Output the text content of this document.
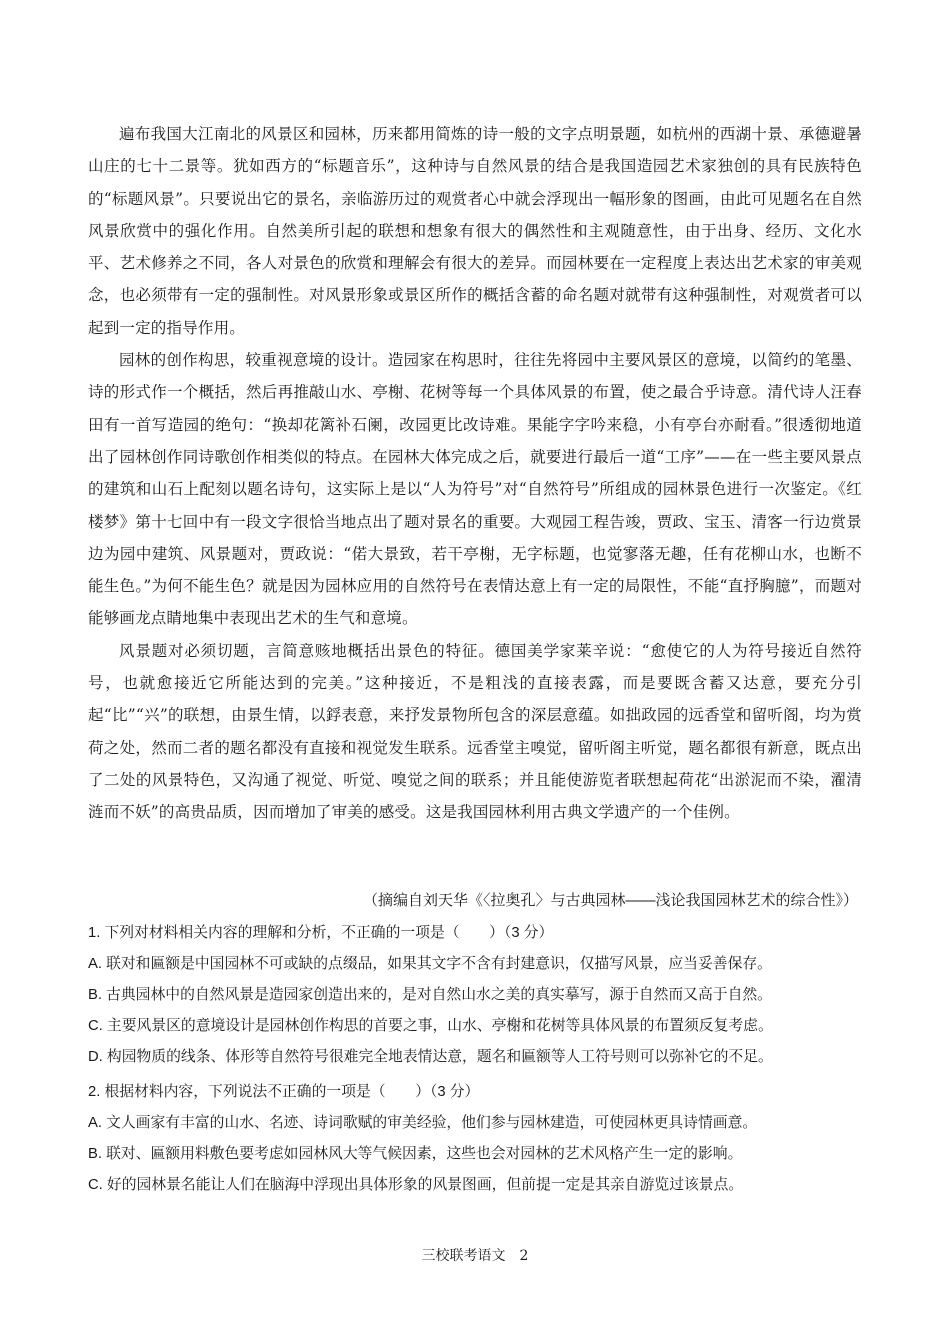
遍布我国大江南北的风景区和园林，历来都用简炼的诗一般的文字点明景题，如杭州的西湖十景、承德避暑山庄的七十二景等。犹如西方的“标题音乐”，这种诗与自然风景的结合是我国造园艺术家独创的具有民族特色的“标题风景”。只要说出它的景名，亲临游历过的观赏者心中就会浮现出一幅形象的图画，由此可见题名在自然风景欣赏中的强化作用。自然美所引起的联想和想象有很大的偶然性和主观随意性，由于出身、经历、文化水平、艺术修养之不同，各人对景色的欣赏和理解会有很大的差异。而园林要在一定程度上表达出艺术家的审美观念，也必须带有一定的强制性。对风景形象或景区所作的概括含蓄的命名题对就带有这种强制性，对观赏者可以起到一定的指导作用。

园林的创作构思，较重视意境的设计。造园家在构思时，往往先将园中主要风景区的意境，以简约的笔墨、诗的形式作一个概括，然后再推敲山水、亭榭、花树等每一个具体风景的布置，使之最合乎诗意。清代诗人汪春田有一首写造园的绝句：“换却花篱补石阑，改园更比改诗难。果能字字吟来稳，小有亭台亦耐看。”很透彻地道出了园林创作同诗歌创作相类似的特点。在园林大体完成之后，就要进行最后一道“工序”——在一些主要风景点的建筑和山石上配刻以题名诗句，这实际上是以“人为符号”对“自然符号”所组成的园林景色进行一次鉴定。《红楼梦》第十七回中有一段文字很恰当地点出了题对景名的重要。大观园工程告竣，贾政、宝玉、清客一行边赏景边为园中建筑、风景题对，贾政说：“偌大景致，若干亭榭，无字标题，也觉寥落无趣，任有花柳山水，也断不能生色。”为何不能生色？就是因为园林应用的自然符号在表情达意上有一定的局限性，不能“直抒胸臆”，而题对能够画龙点睛地集中表现出艺术的生气和意境。

风景题对必须切题，言简意赅地概括出景色的特征。德国美学家莱辛说：“愈使它的人为符号接近自然符号，也就愈接近它所能达到的完美。”这种接近，不是粗浅的直接表露，而是要既含蓄又达意，要充分引起“比”“兴”的联想，由景生情，以鋢表意，来抒发景物所包含的深层意蕴。如拙政园的远香堂和留听阁，均为赏荷之处，然而二者的题名都没有直接和视觉发生联系。远香堂主嗅觉，留听阁主听觉，题名都很有新意，既点出了二处的风景特色，又沟通了视觉、听觉、嗅觉之间的联系；并且能使游览者联想起荷花“出淤泥而不染，濯清涟而不妖”的高贵品质，因而增加了审美的感受。这是我国园林利用古典文学遗产的一个佳例。

（摘编自刘天华《〈拉奥孔〉与古典园林——浅论我国园林艺术的综合性》）
1. 下列对材料相关内容的理解和分析，不正确的一项是（　　）（3 分）
A. 联对和匾额是中国园林不可或缺的点缀品，如果其文字不含有封建意识，仅描写风景，应当妥善保存。
B. 古典园林中的自然风景是造园家创造出来的，是对自然山水之美的真实摹写，源于自然而又高于自然。
C. 主要风景区的意境设计是园林创作构思的首要之事，山水、亭榭和花树等具体风景的布置须反复考虑。
D. 构园物质的线条、体形等自然符号很难完全地表情达意，题名和匾额等人工符号则可以弥补它的不足。
2. 根据材料内容，下列说法不正确的一项是（　　）（3 分）
A. 文人画家有丰富的山水、名迹、诗词歌赋的审美经验，他们参与园林建造，可使园林更具诗情画意。
B. 联对、匾额用料敷色要考虑如园林风大等气候因素，这些也会对园林的艺术风格产生一定的影响。
C. 好的园林景名能让人们在脑海中浮现出具体形象的风景图画，但前提一定是其亲自游览过该景点。
三校联考语文　2
